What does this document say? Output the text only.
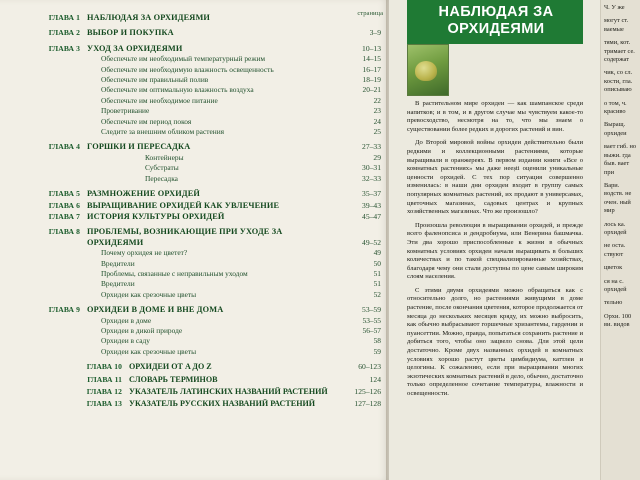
страница
ГЛАВА 1 НАБЛЮДАЯ ЗА ОРХИДЕЯМИ
ГЛАВА 2 ВЫБОР И ПОКУПКА	3–9
ГЛАВА 3 УХОД ЗА ОРХИДЕЯМИ	10–13
Обеспечьте им необходимый температурный режим	14–15
Обеспечьте им необходимую влажность освещенность	16–17
Обеспечьте им правильный полив	18–19
Обеспечьте им оптимальную влажность воздуха	20–21
Обеспечьте им необходимое питание	22
Проветривание	23
Обеспечьте им период покоя	24
Следите за внешним обликом растения	25
ГЛАВА 4 ГОРШКИ И ПЕРЕСАДКА	27–33
Контейнеры	29
Субстраты	30–31
Пересадка	32–33
ГЛАВА 5 РАЗМНОЖЕНИЕ ОРХИДЕЙ	35–37
ГЛАВА 6 ВЫРАЩИВАНИЕ ОРХИДЕЙ КАК УВЛЕЧЕНИЕ	39–43
ГЛАВА 7 ИСТОРИЯ КУЛЬТУРЫ ОРХИДЕЙ	45–47
ГЛАВА 8 ПРОБЛЕМЫ, ВОЗНИКАЮЩИЕ ПРИ УХОДЕ ЗА ОРХИДЕЯМИ	49–52
Почему орхидея не цветет?	49
Вредители	50
Проблемы, связанные с неправильным уходом	51
Вредители	51
Орхидеи как срезочные цветы	52
ГЛАВА 9 ОРХИДЕИ В ДОМЕ И ВНЕ ДОМА	53–59
Орхидеи в доме	53–55
Орхидеи в дикой природе	56–57
Орхидеи в саду	58
Орхидеи как срезочные цветы	59
ГЛАВА 10 ОРХИДЕИ ОТ A ДО Z	60–123
ГЛАВА 11 СЛОВАРЬ ТЕРМИНОВ	124
ГЛАВА 12 УКАЗАТЕЛЬ ЛАТИНСКИХ НАЗВАНИЙ РАСТЕНИЙ	125–126
ГЛАВА 13 УКАЗАТЕЛЬ РУССКИХ НАЗВАНИЙ РАСТЕНИЙ	127–128
НАБЛЮДАЯ ЗА ОРХИДЕЯМИ

В растительном мире орхидеи — как шампанское среди напитков; и в том, и в другом случае мы чувствуем какое-то превосходство, несмотря на то, что мы знаем о существовании более редких и дорогих растений и вин.

До Второй мировой войны орхидеи действительно были редкими и коллекционными растениями, которые выращивали в оранжереях. В первом издании книги «Все о комнатных растениях» мы даже неești оценили уникальные ценности орхидей. С тех пор ситуация совершенно изменилась: в наши дни орхидеи входят в группу самых популярных комнатных растений, их продают в универсамах, цветочных магазинах, садовых центрах и крупных хозяйственных магазинах. Что же произошло?

Произошла революция в выращивании орхидей, и прежде всего фаленопсиса и дендробиума, или Венерина башмачка. Эти два хорошо приспособленные к жизни в обычных комнатных условиях орхидеи начали выращивать в больших количествах и по такой специализированные хозяйствах, благодаря чему они стали доступны по цене самым широким слоям населения.

С этими двумя орхидеями можно обращаться как с относительно долго, но растениями живущими в доме растение, после окончания цветения, которое продолжается от месяца до нескольких месяцев кряду, их можно выбросить, как обычно выбрасывают горшечные хризантемы, гардении и пуансеттии. Можно, правда, попытаться сохранить растение и добиться того, чтобы оно зацвело снова. Для этой цели достаточно. Кроме двух названных орхидей в комнатных условиях хорошо растут цветы цимбидиума, каттлеи и целогины. К сожалению, если при выращивании многих экзотических комнатных растений в дело, обычно, достаточно только определенное сочетание температуры, влажности и освещенности.

Ч. У же

могут ст. ваемые

тями, кот. тримает се. содержат

чик, со сл. кости, гла. описываю

о том, ч. красиво

Выращ. орхидеи

вает гиб. но выжи. гда быв. вает при

Вари. водств. не очен. ный мир

лось ка. орхидей

не оста. ствуют

цветок

ся на с. орхидей

тельно

Орхи. 100 ви. видов
